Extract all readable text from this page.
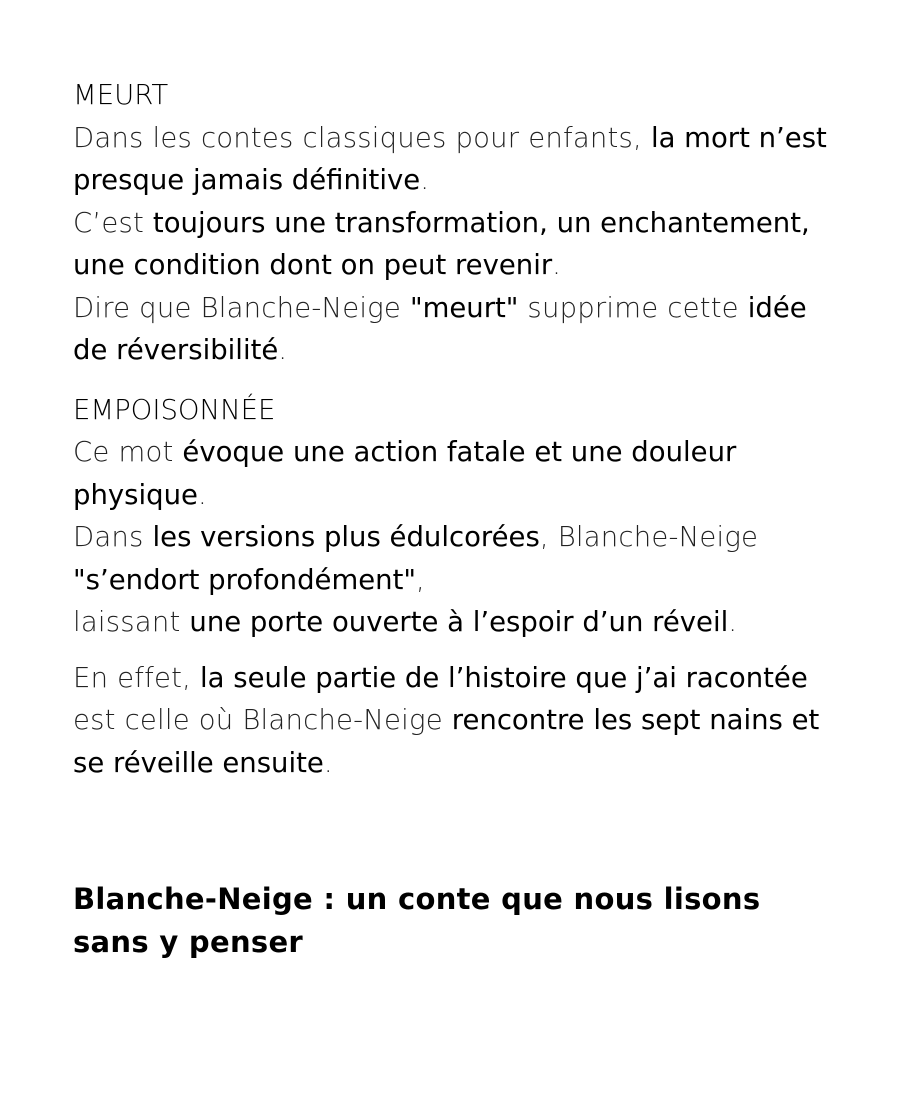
MEURT

Dans les contes classiques pour enfants, la mort n’est

presque jamais définitive.

C’est toujours une transformation, un enchantement,

une condition dont on peut revenir.

Dire que Blanche-Neige "meurt" supprime cette idée

de réversibilité.

EMPOISONNÉE

Ce mot évoque une action fatale et une douleur

physique.

Dans les versions plus édulcorées, Blanche-Neige

"s’endort profondément",

laissant une porte ouverte à l’espoir d’un réveil.

En effet, la seule partie de l’histoire que j’ai racontée

est celle où Blanche-Neige rencontre les sept nains et

se réveille ensuite.

Blanche-Neige : un conte que nous lisons sans y penser
